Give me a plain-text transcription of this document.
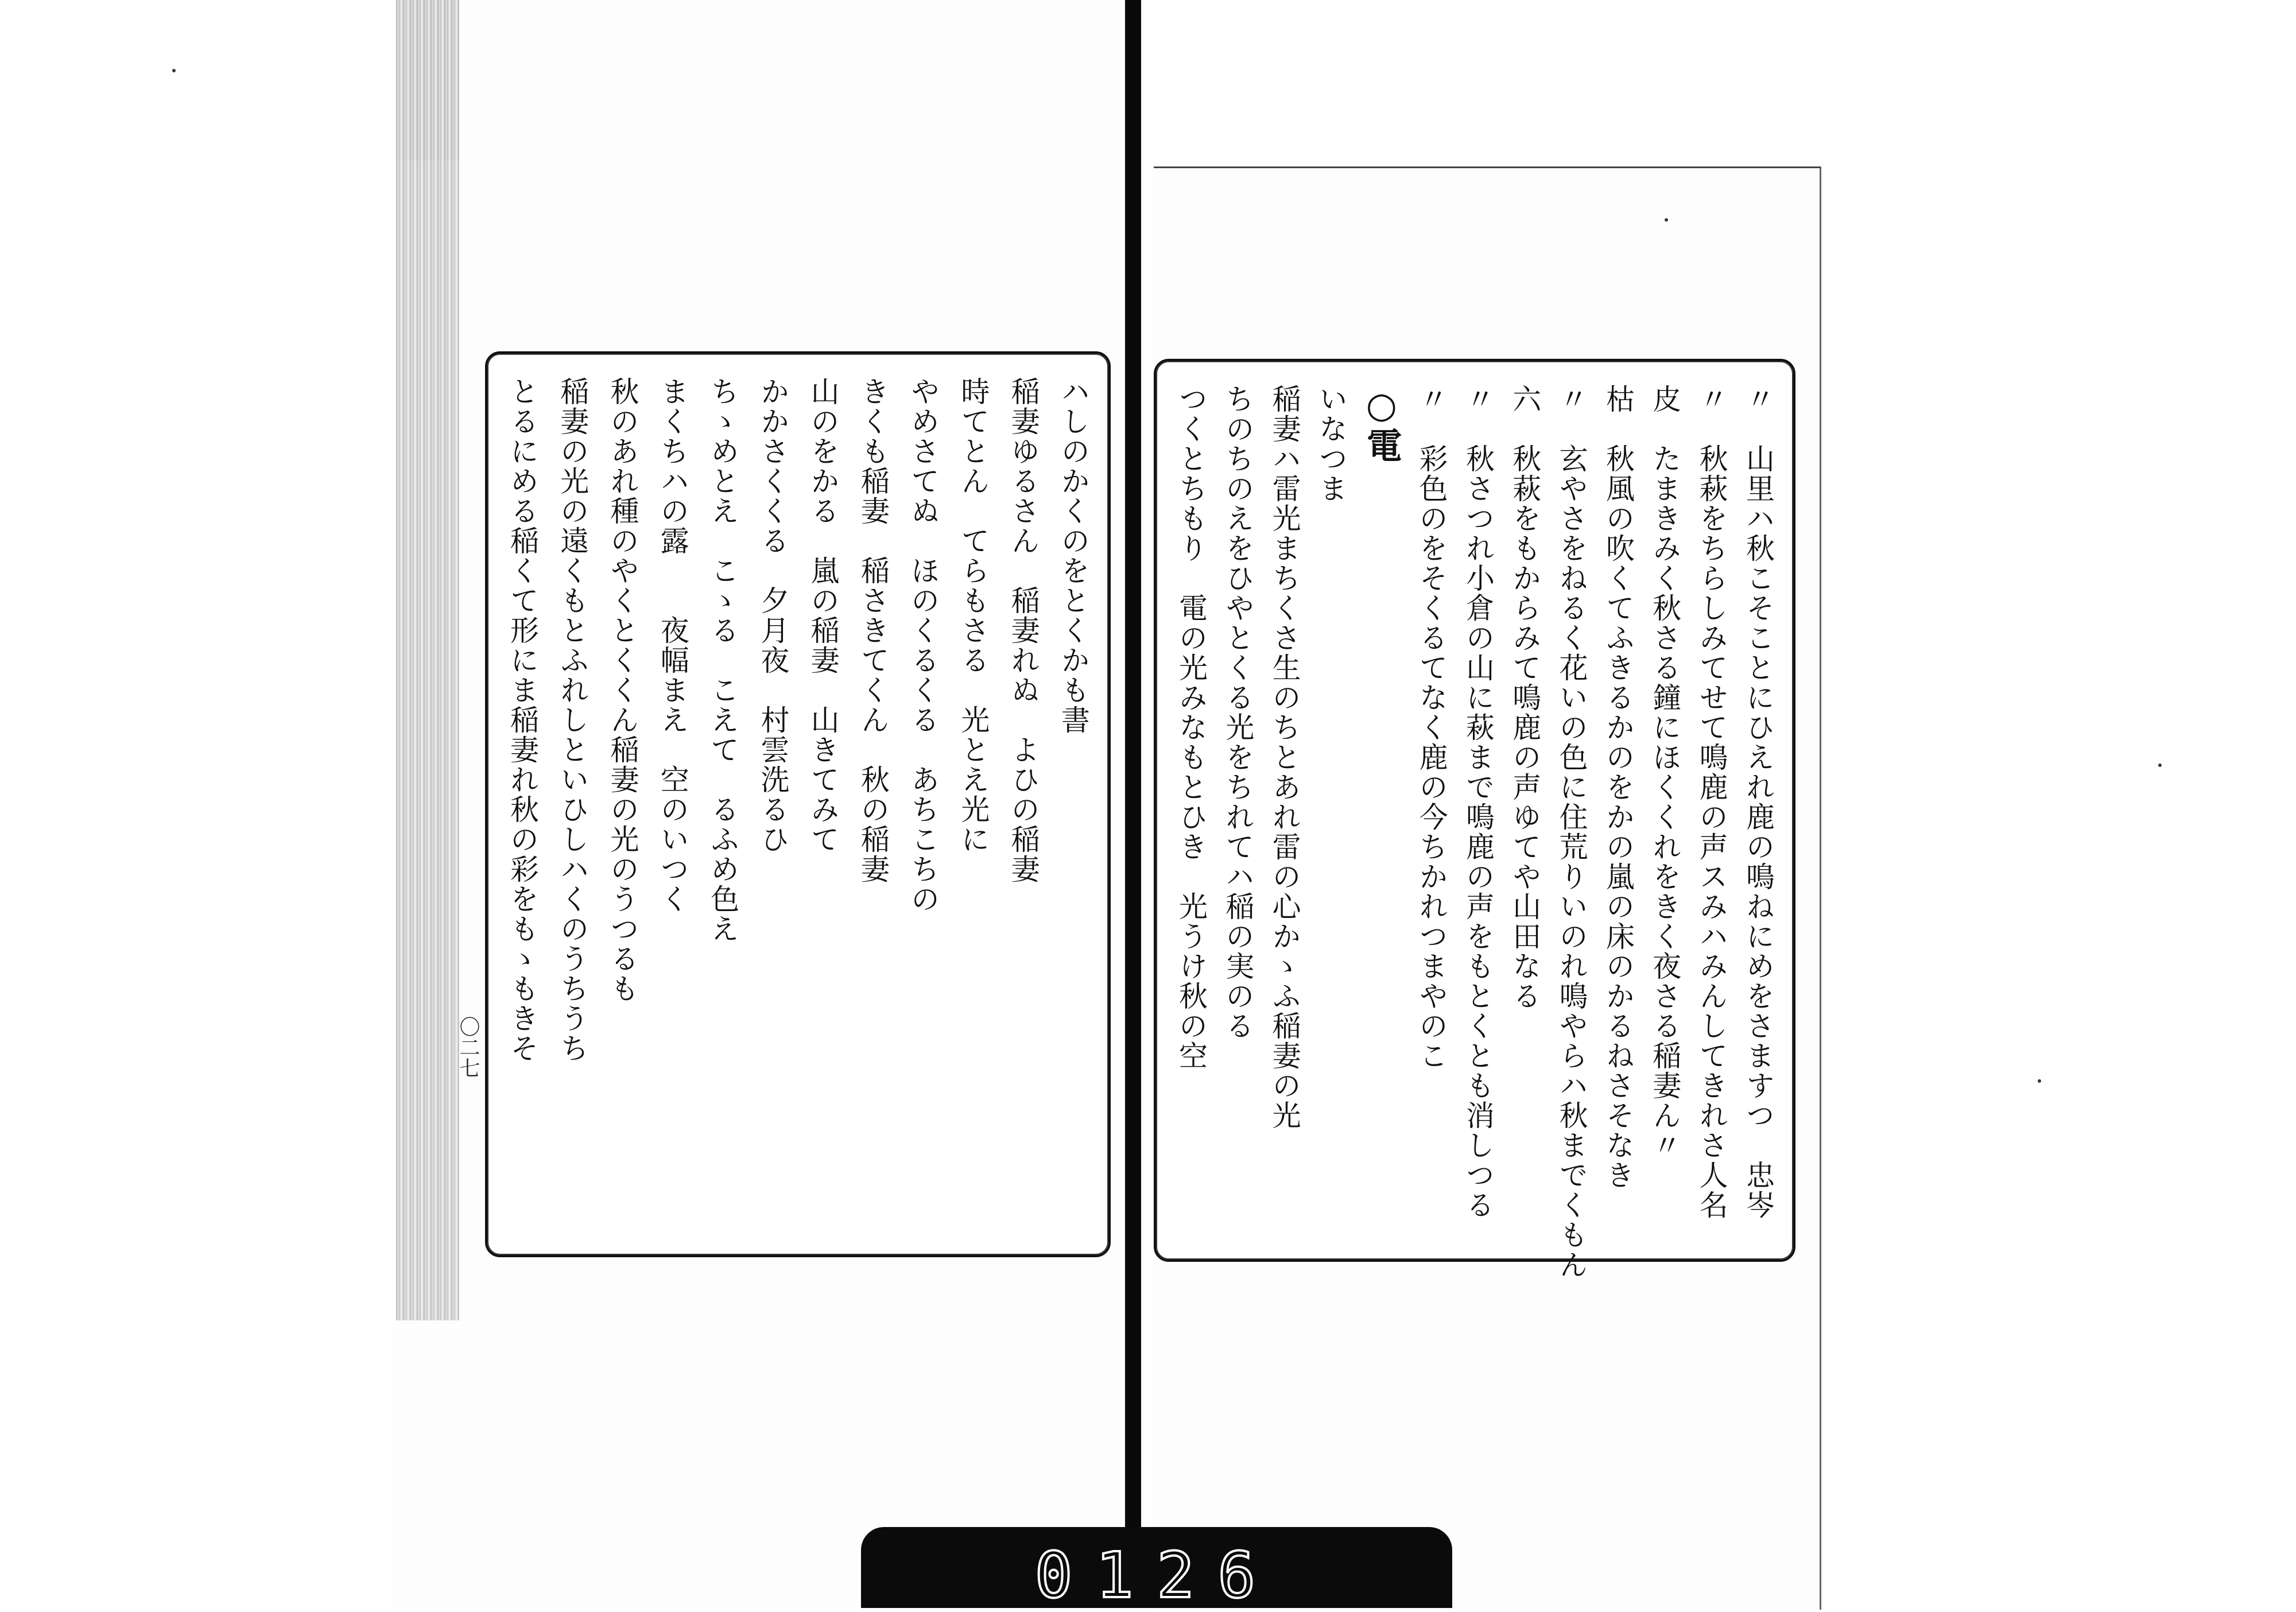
ハしのかくのをとくかも書
稲妻ゆるさん　稲妻れぬ　よひの稲妻
時てとん　てらもさる　光とえ光に
やめさてぬ　ほのくるくる　あちこちの
きくも稲妻　稲さきてくん　秋の稲妻
山のをかる　嵐の稲妻　山きてみて
かかさくくる　夕月夜　村雲洗るひ
ちゝめとえ　こゝる　こえて　るふめ色え
まくちハの露　　夜幅まえ　空のいつく
秋のあれ種のやくとくくん稲妻の光のうつるも
稲妻の光の遠くもとふれしといひしハくのうちうち
とるにめる稲くて形にま稲妻れ秋の彩をもゝもきそ	〃　山里ハ秋こそことにひえれ鹿の鳴ねにめをさますつ　忠岑
〃　秋萩をちらしみてせて鳴鹿の声スみハみんしてきれさ人名
皮　たまきみく秋さる鐘にほくくれをきく夜さる稲妻ん〃
枯　秋風の吹くてふきるかのをかの嵐の床のかるねさそなき
〃　玄やさをねるく花いの色に住荒りいのれ鳴やらハ秋までくもん
六　秋萩をもからみて鳴鹿の声ゆてや山田なる
〃　秋さつれ小倉の山に萩まで鳴鹿の声をもとくとも消しつる
〃　彩色のをそくるてなく鹿の今ちかれつまやのこ
○電
いなつま
稲妻ハ雷光まちくさ生のちとあれ雷の心かゝふ稲妻の光
ちのちのえをひやとくる光をちれてハ稲の実のる
つくとちもり　電の光みなもとひき　光うけ秋の空
〇二七
0126
